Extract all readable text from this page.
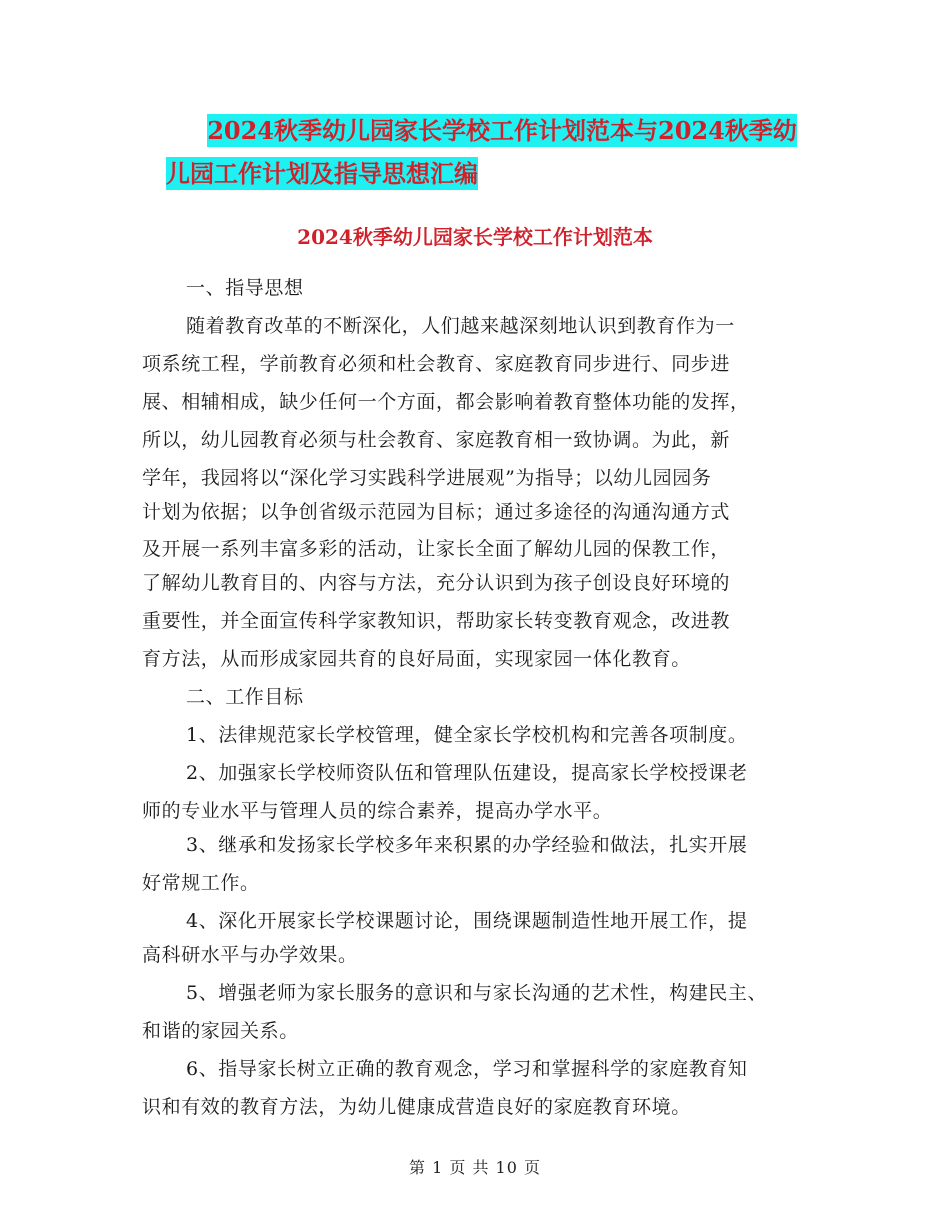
2024秋季幼儿园家长学校工作计划范本与2024秋季幼
儿园工作计划及指导思想汇编
2024秋季幼儿园家长学校工作计划范本
一、指导思想
随着教育改革的不断深化，人们越来越深刻地认识到教育作为一
项系统工程，学前教育必须和杜会教育、家庭教育同步进行、同步进
展、相辅相成，缺少任何一个方面，都会影响着教育整体功能的发挥，
所以，幼儿园教育必须与杜会教育、家庭教育相一致协调。为此，新
学年，我园将以“深化学习实践科学进展观”为指导；以幼儿园园务
计划为依据；以争创省级示范园为目标；通过多途径的沟通沟通方式
及开展一系列丰富多彩的活动，让家长全面了解幼儿园的保教工作，
了解幼儿教育目的、内容与方法，充分认识到为孩子创设良好环境的
重要性，并全面宣传科学家教知识，帮助家长转变教育观念，改进教
育方法，从而形成家园共育的良好局面，实现家园一体化教育。
二、工作目标
1、法律规范家长学校管理，健全家长学校机构和完善各项制度。
2、加强家长学校师资队伍和管理队伍建设，提高家长学校授课老
师的专业水平与管理人员的综合素养，提高办学水平。
3、继承和发扬家长学校多年来积累的办学经验和做法，扎实开展
好常规工作。
4、深化开展家长学校课题讨论，围绕课题制造性地开展工作，提
高科研水平与办学效果。
5、增强老师为家长服务的意识和与家长沟通的艺术性，构建民主、
和谐的家园关系。
6、指导家长树立正确的教育观念，学习和掌握科学的家庭教育知
识和有效的教育方法，为幼儿健康成营造良好的家庭教育环境。
第 1 页 共 10 页
